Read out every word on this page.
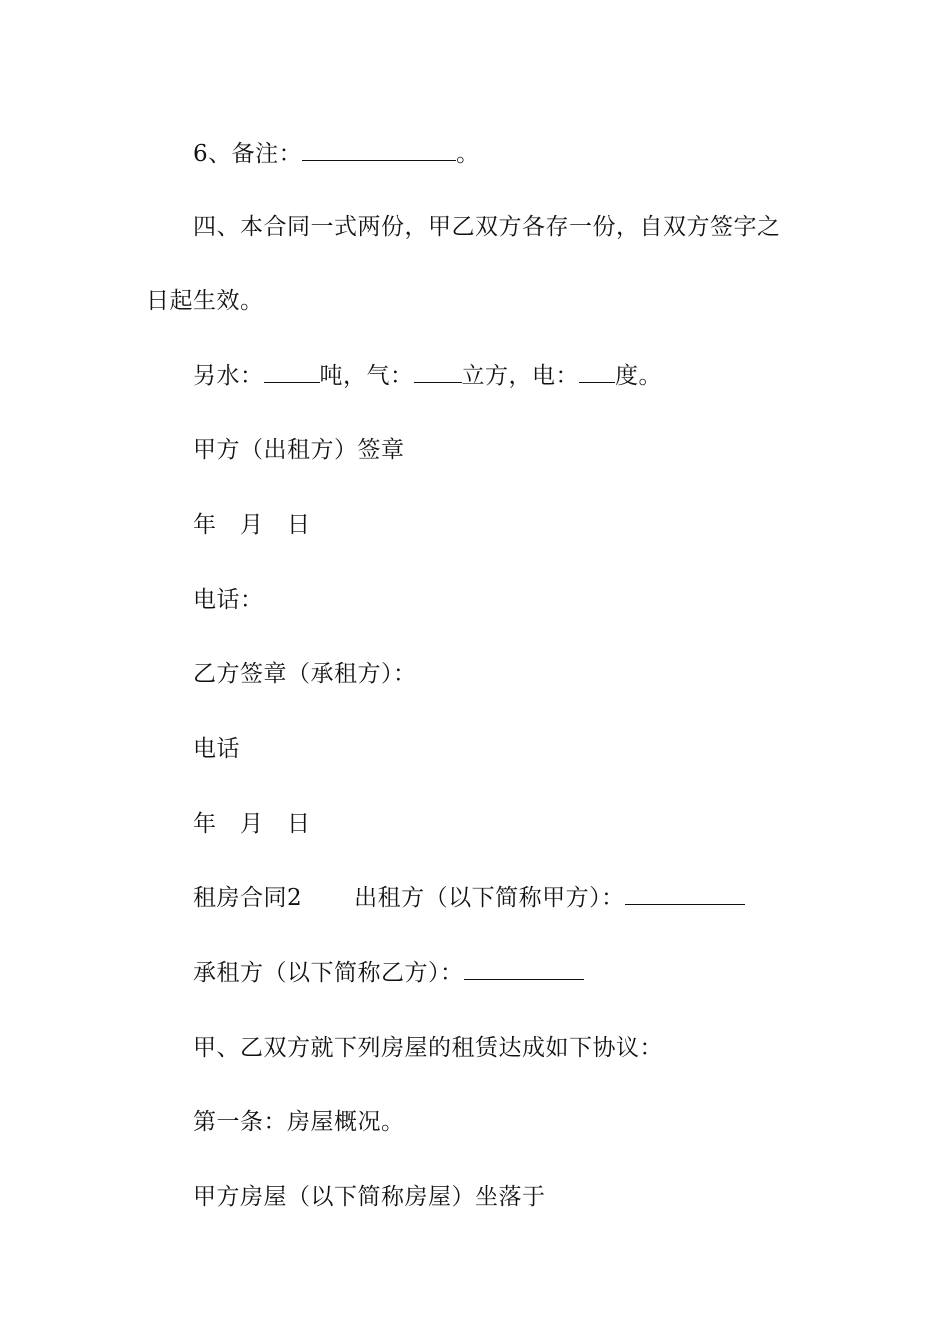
6、备注：	。
四、本合同一式两份，甲乙双方各存一份，自双方签字之
日起生效。
另水： 吨，气： 立方，电： 度。
甲方（出租方）签章
年　月　日
电话：
乙方签章（承租方）：
电话
年　月　日
租房合同2 出租方（以下简称甲方）：
承租方（以下简称乙方）：
甲、乙双方就下列房屋的租赁达成如下协议：
第一条：房屋概况。
甲方房屋（以下简称房屋）坐落于
